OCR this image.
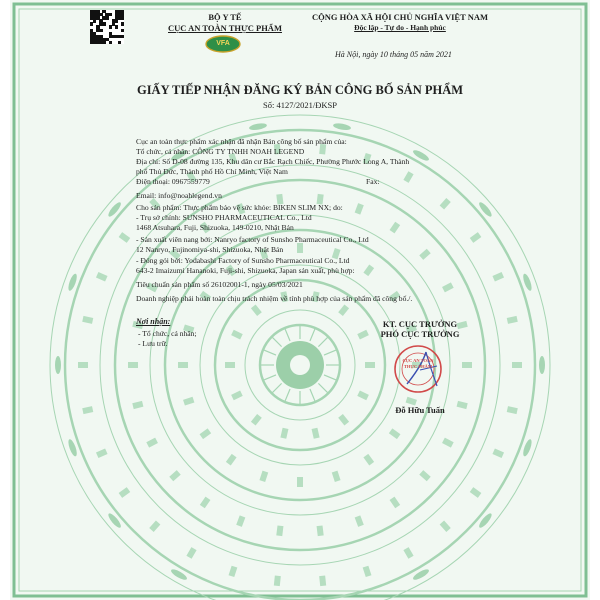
BỘ Y TẾ
CỤC AN TOÀN THỰC PHẨM
VFA
CỘNG HÒA XÃ HỘI CHỦ NGHĨA VIỆT NAM
Độc lập - Tự do - Hạnh phúc
Hà Nội, ngày 10 tháng 05 năm 2021
GIẤY TIẾP NHẬN ĐĂNG KÝ BẢN CÔNG BỐ SẢN PHẨM
Số: 4127/2021/ĐKSP
Cục an toàn thực phẩm xác nhận đã nhận Bản công bố sản phẩm của:
Tổ chức, cá nhân: CÔNG TY TNHH NOAH LEGEND
Địa chỉ: Số D-08 đường 135, Khu dân cư Bắc Rạch Chiếc, Phường Phước Long A, Thành
phố Thủ Đức, Thành phố Hồ Chí Minh, Việt Nam
Điện thoại: 0967559779	Fax:
Email: info@noahlegend.vn
Cho sản phẩm: Thực phẩm bảo vệ sức khỏe: BIKEN SLIM NX; do:
- Trụ sở chính: SUNSHO PHARMACEUTICAL Co., Ltd
1468 Atsuhara, Fuji, Shizuoka, 149-0210, Nhật Bản
- Sản xuất viên nang bởi: Nanryo factory of Sunsho Pharmaceutical Co., Ltd
12 Nanryo, Fujinomiya-shi, Shizuoka, Nhật Bản
- Đóng gói bởi: Yodabashi Factory of Sunsho Pharmaceutical Co., Ltd
643-2 Imaizumi Hananoki, Fuji-shi, Shizuoka, Japan sản xuất, phù hợp:
Tiêu chuẩn sản phẩm số 26102001-1, ngày 05/03/2021
Doanh nghiệp phải hoàn toàn chịu trách nhiệm về tính phù hợp của sản phẩm đã công bố./.
Nơi nhận:
- Tổ chức, cá nhân;
- Lưu trữ.
KT. CỤC TRƯỞNG
PHÓ CỤC TRƯỞNG
CỤC AN TOÀN THỰC PHẨM
Đỗ Hữu Tuấn
